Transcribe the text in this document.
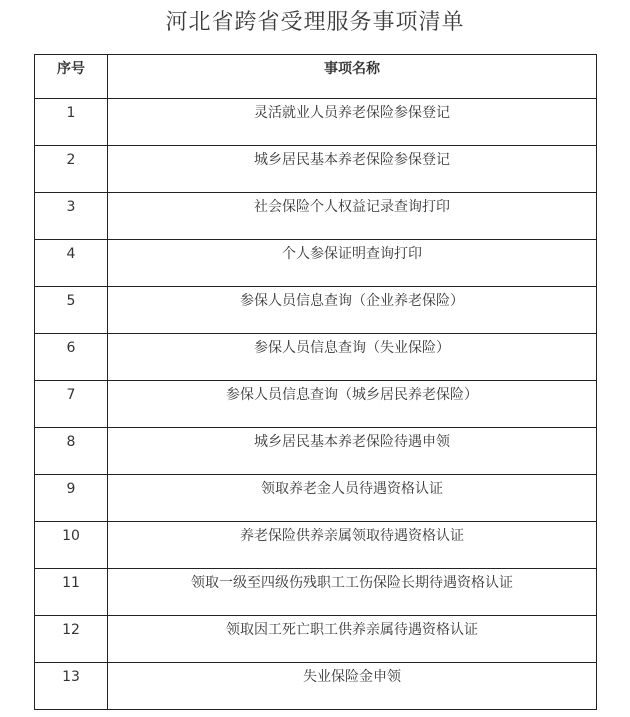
河北省跨省受理服务事项清单
序号	事项名称
1	灵活就业人员养老保险参保登记
2	城乡居民基本养老保险参保登记
3	社会保险个人权益记录查询打印
4	个人参保证明查询打印
5	参保人员信息查询（企业养老保险）
6	参保人员信息查询（失业保险）
7	参保人员信息查询（城乡居民养老保险）
8	城乡居民基本养老保险待遇申领
9	领取养老金人员待遇资格认证
10	养老保险供养亲属领取待遇资格认证
11	领取一级至四级伤残职工工伤保险长期待遇资格认证
12	领取因工死亡职工供养亲属待遇资格认证
13	失业保险金申领
